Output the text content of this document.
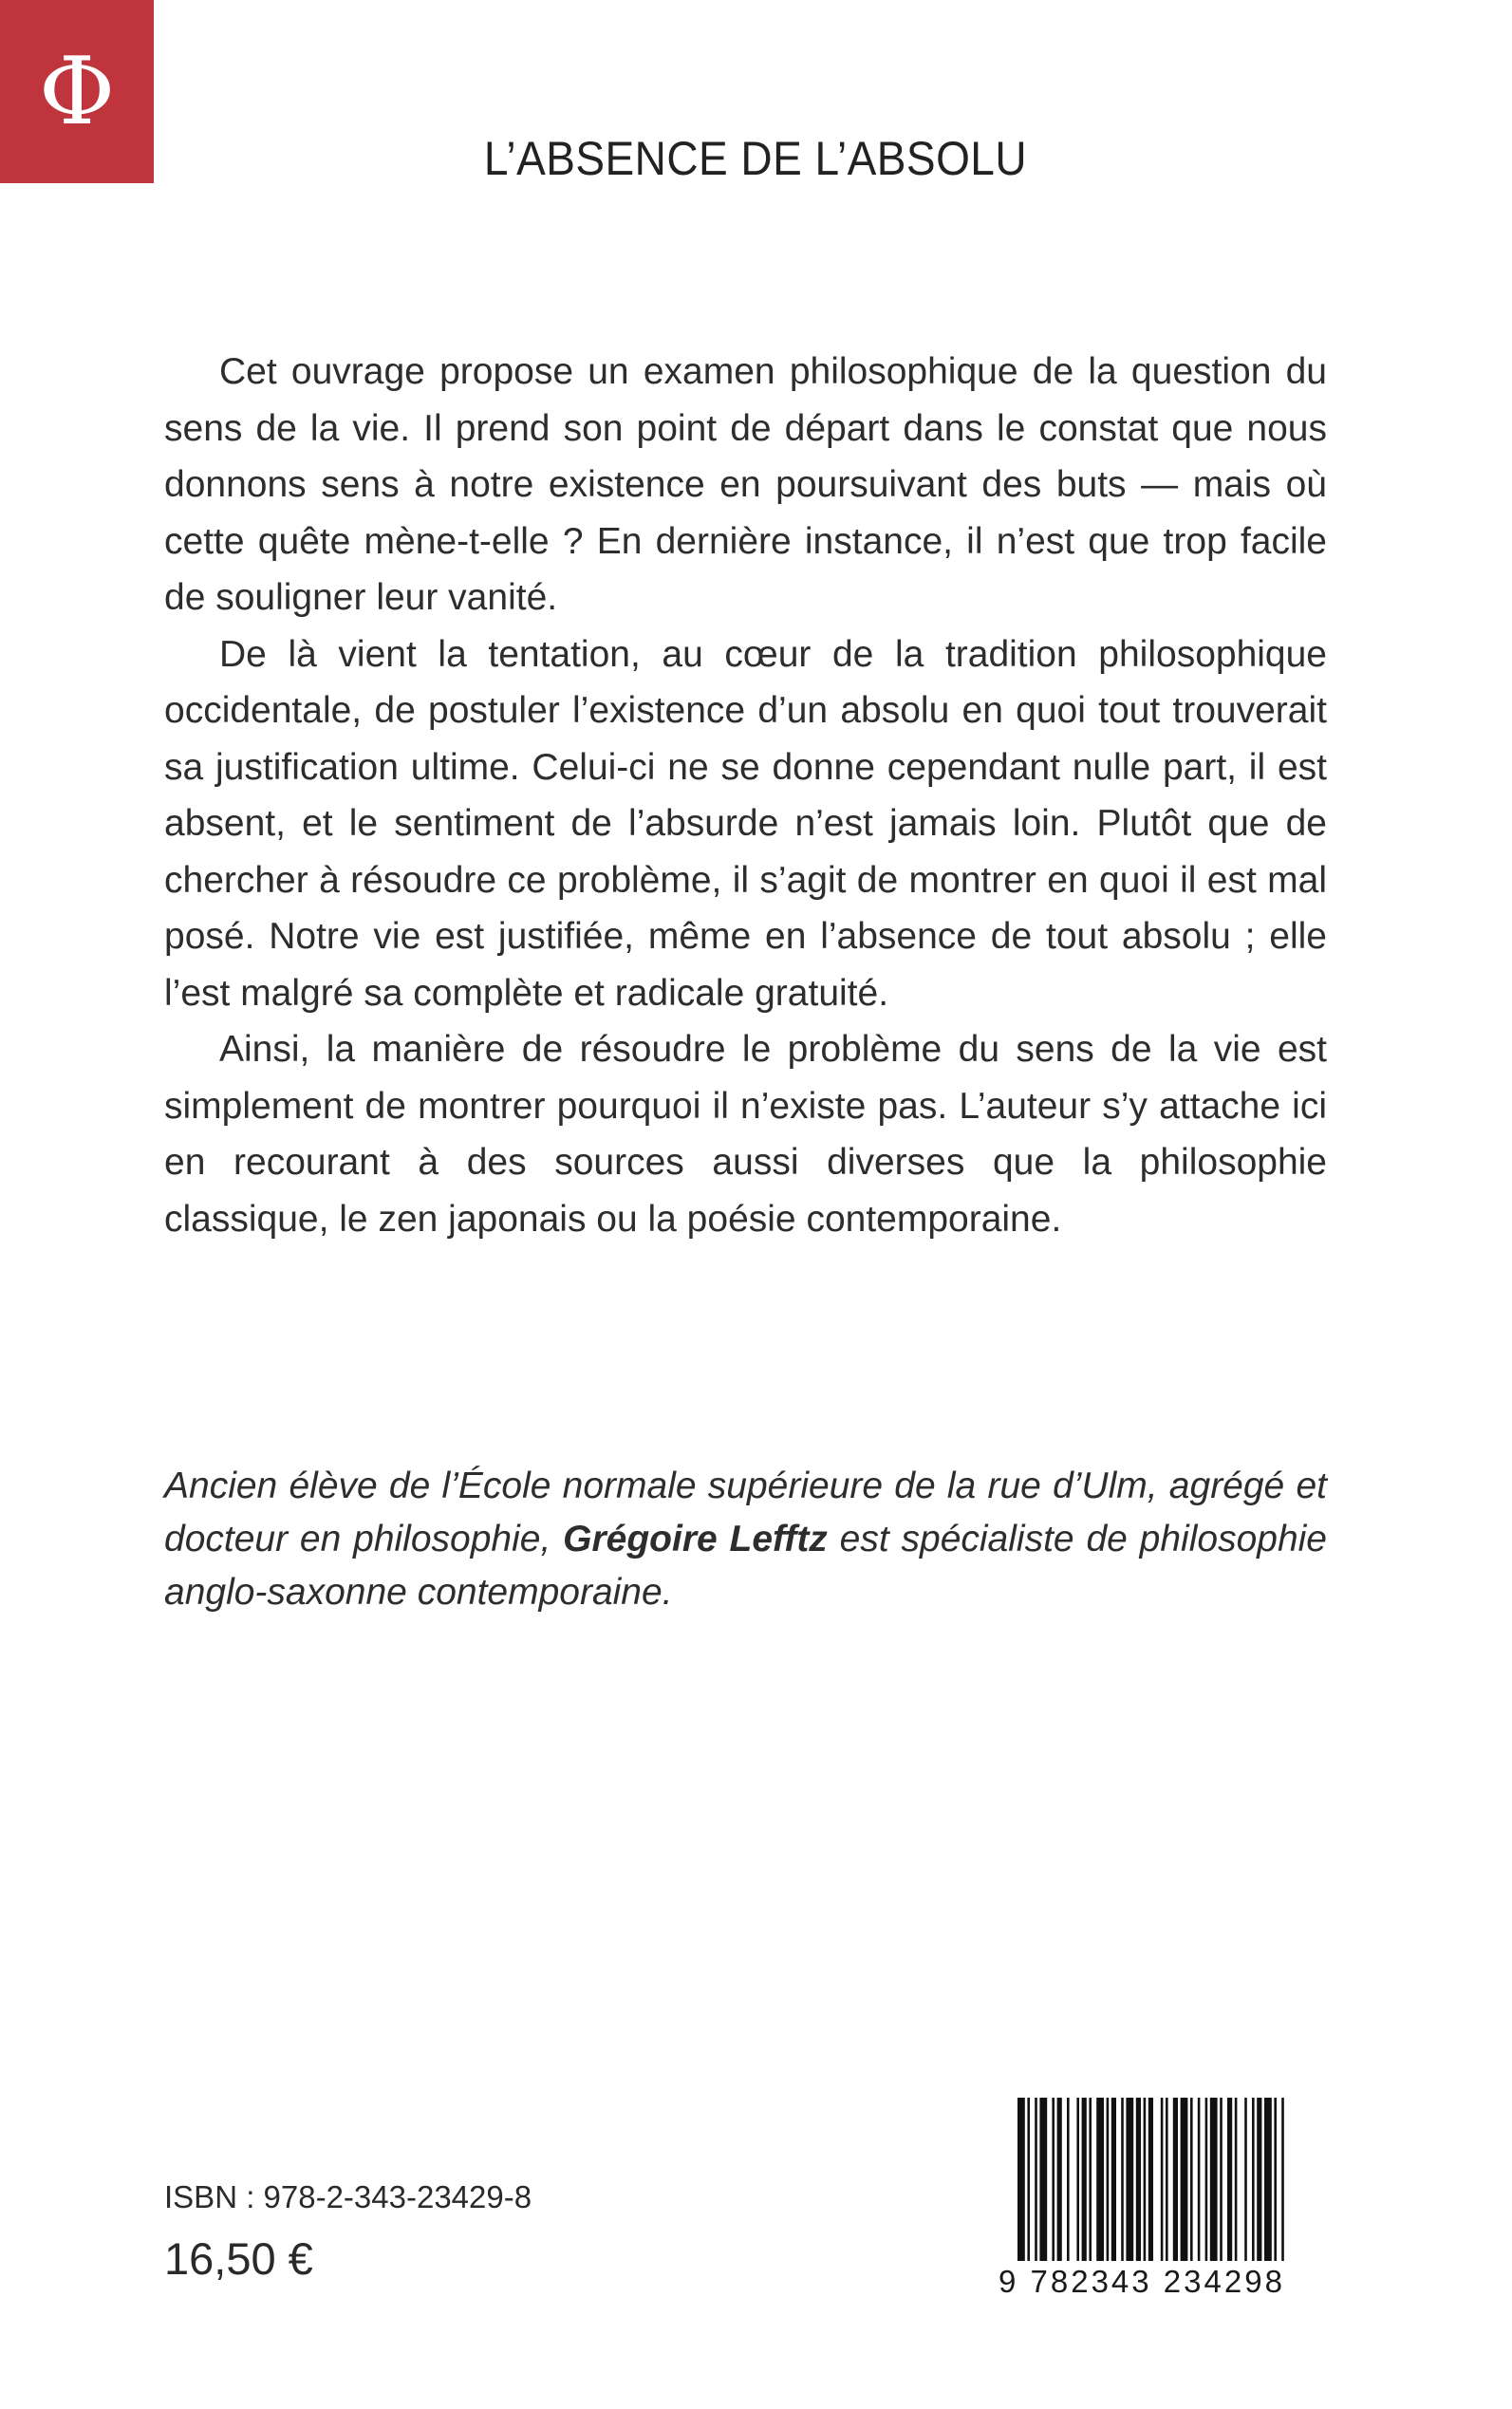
Φ
L’ABSENCE DE L’ABSOLU

Cet ouvrage propose un examen philosophique de la question du sens de la vie. Il prend son point de départ dans le constat que nous donnons sens à notre existence en poursuivant des buts — mais où cette quête mène-t-elle ? En dernière instance, il n’est que trop facile de souligner leur vanité.

De là vient la tentation, au cœur de la tradition philosophique occidentale, de postuler l’existence d’un absolu en quoi tout trouverait sa justification ultime. Celui-ci ne se donne cependant nulle part, il est absent, et le sentiment de l’absurde n’est jamais loin. Plutôt que de chercher à résoudre ce problème, il s’agit de montrer en quoi il est mal posé. Notre vie est justifiée, même en l’absence de tout absolu ; elle l’est malgré sa complète et radicale gratuité.

Ainsi, la manière de résoudre le problème du sens de la vie est simplement de montrer pourquoi il n’existe pas. L’auteur s’y attache ici en recourant à des sources aussi diverses que la philosophie classique, le zen japonais ou la poésie contemporaine.

Ancien élève de l’École normale supérieure de la rue d’Ulm, agrégé et docteur en philosophie, Grégoire Lefftz est spécialiste de philosophie anglo-saxonne contemporaine.
ISBN : 978-2-343-23429-8
16,50 €	9 782343 234298
